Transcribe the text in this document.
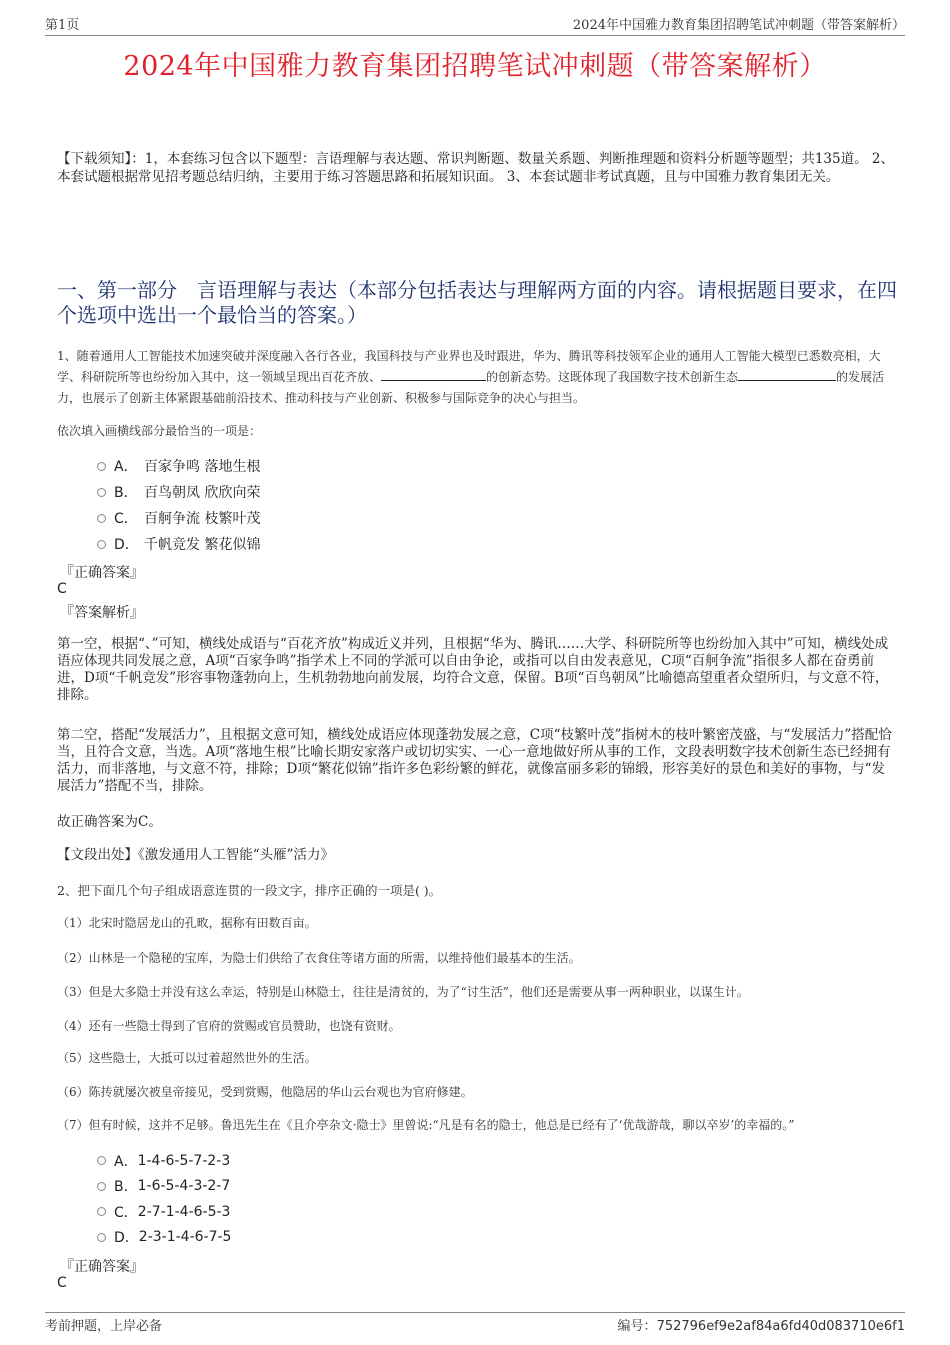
第1页	2024年中国雅力教育集团招聘笔试冲刺题（带答案解析）
2024年中国雅力教育集团招聘笔试冲刺题（带答案解析）
【下载须知】：1，本套练习包含以下题型：言语理解与表达题、常识判断题、数量关系题、判断推理题和资料分析题等题型；共135道。 2、本套试题根据常见招考题总结归纳，主要用于练习答题思路和拓展知识面。 3、本套试题非考试真题，且与中国雅力教育集团无关。
一、第一部分　言语理解与表达（本部分包括表达与理解两方面的内容。请根据题目要求，在四个选项中选出一个最恰当的答案。）
1、随着通用人工智能技术加速突破并深度融入各行各业，我国科技与产业界也及时跟进，华为、腾讯等科技领军企业的通用人工智能大模型已悉数亮相，大学、科研院所等也纷纷加入其中，这一领域呈现出百花齐放、	的创新态势。这既体现了我国数字技术创新生态	的发展活力，也展示了创新主体紧跟基础前沿技术、推动科技与产业创新、积极参与国际竞争的决心与担当。
依次填入画横线部分最恰当的一项是：
A． 百家争鸣 落地生根
B． 百鸟朝凤 欣欣向荣
C． 百舸争流 枝繁叶茂
D． 千帆竞发 繁花似锦
『正确答案』
C
『答案解析』
第一空，根据“、”可知，横线处成语与“百花齐放”构成近义并列，且根据“华为、腾讯……大学、科研院所等也纷纷加入其中”可知，横线处成语应体现共同发展之意，A项“百家争鸣”指学术上不同的学派可以自由争论，或指可以自由发表意见，C项“百舸争流”指很多人都在奋勇前进，D项“千帆竞发”形容事物蓬勃向上，生机勃勃地向前发展，均符合文意，保留。B项“百鸟朝凤”比喻德高望重者众望所归，与文意不符，排除。
第二空，搭配“发展活力”，且根据文意可知，横线处成语应体现蓬勃发展之意，C项“枝繁叶茂”指树木的枝叶繁密茂盛，与“发展活力”搭配恰当，且符合文意，当选。A项“落地生根”比喻长期安家落户或切切实实、一心一意地做好所从事的工作，文段表明数字技术创新生态已经拥有活力，而非落地，与文意不符，排除；D项“繁花似锦”指许多色彩纷繁的鲜花，就像富丽多彩的锦缎，形容美好的景色和美好的事物，与“发展活力”搭配不当，排除。
故正确答案为C。
【文段出处】《激发通用人工智能“头雁”活力》
2、把下面几个句子组成语意连贯的一段文字，排序正确的一项是( )。
（1）北宋时隐居龙山的孔畋，据称有田数百亩。
（2）山林是一个隐秘的宝库，为隐士们供给了衣食住等诸方面的所需，以维持他们最基本的生活。
（3）但是大多隐士并没有这么幸运，特别是山林隐士，往往是清贫的，为了“讨生活”，他们还是需要从事一两种职业，以谋生计。
（4）还有一些隐士得到了官府的赏赐或官员赞助，也饶有资财。
（5）这些隐士，大抵可以过着超然世外的生活。
（6）陈抟就屡次被皇帝接见，受到赏赐，他隐居的华山云台观也为官府修建。
（7）但有时候，这并不足够。鲁迅先生在《且介亭杂文·隐士》里曾说:“凡是有名的隐士，他总是已经有了‘优哉游哉，聊以卒岁’的幸福的。”
A． 1-4-6-5-7-2-3
B． 1-6-5-4-3-2-7
C． 2-7-1-4-6-5-3
D． 2-3-1-4-6-7-5
『正确答案』
C
考前押题，上岸必备	编号：752796ef9e2af84a6fd40d083710e6f1
